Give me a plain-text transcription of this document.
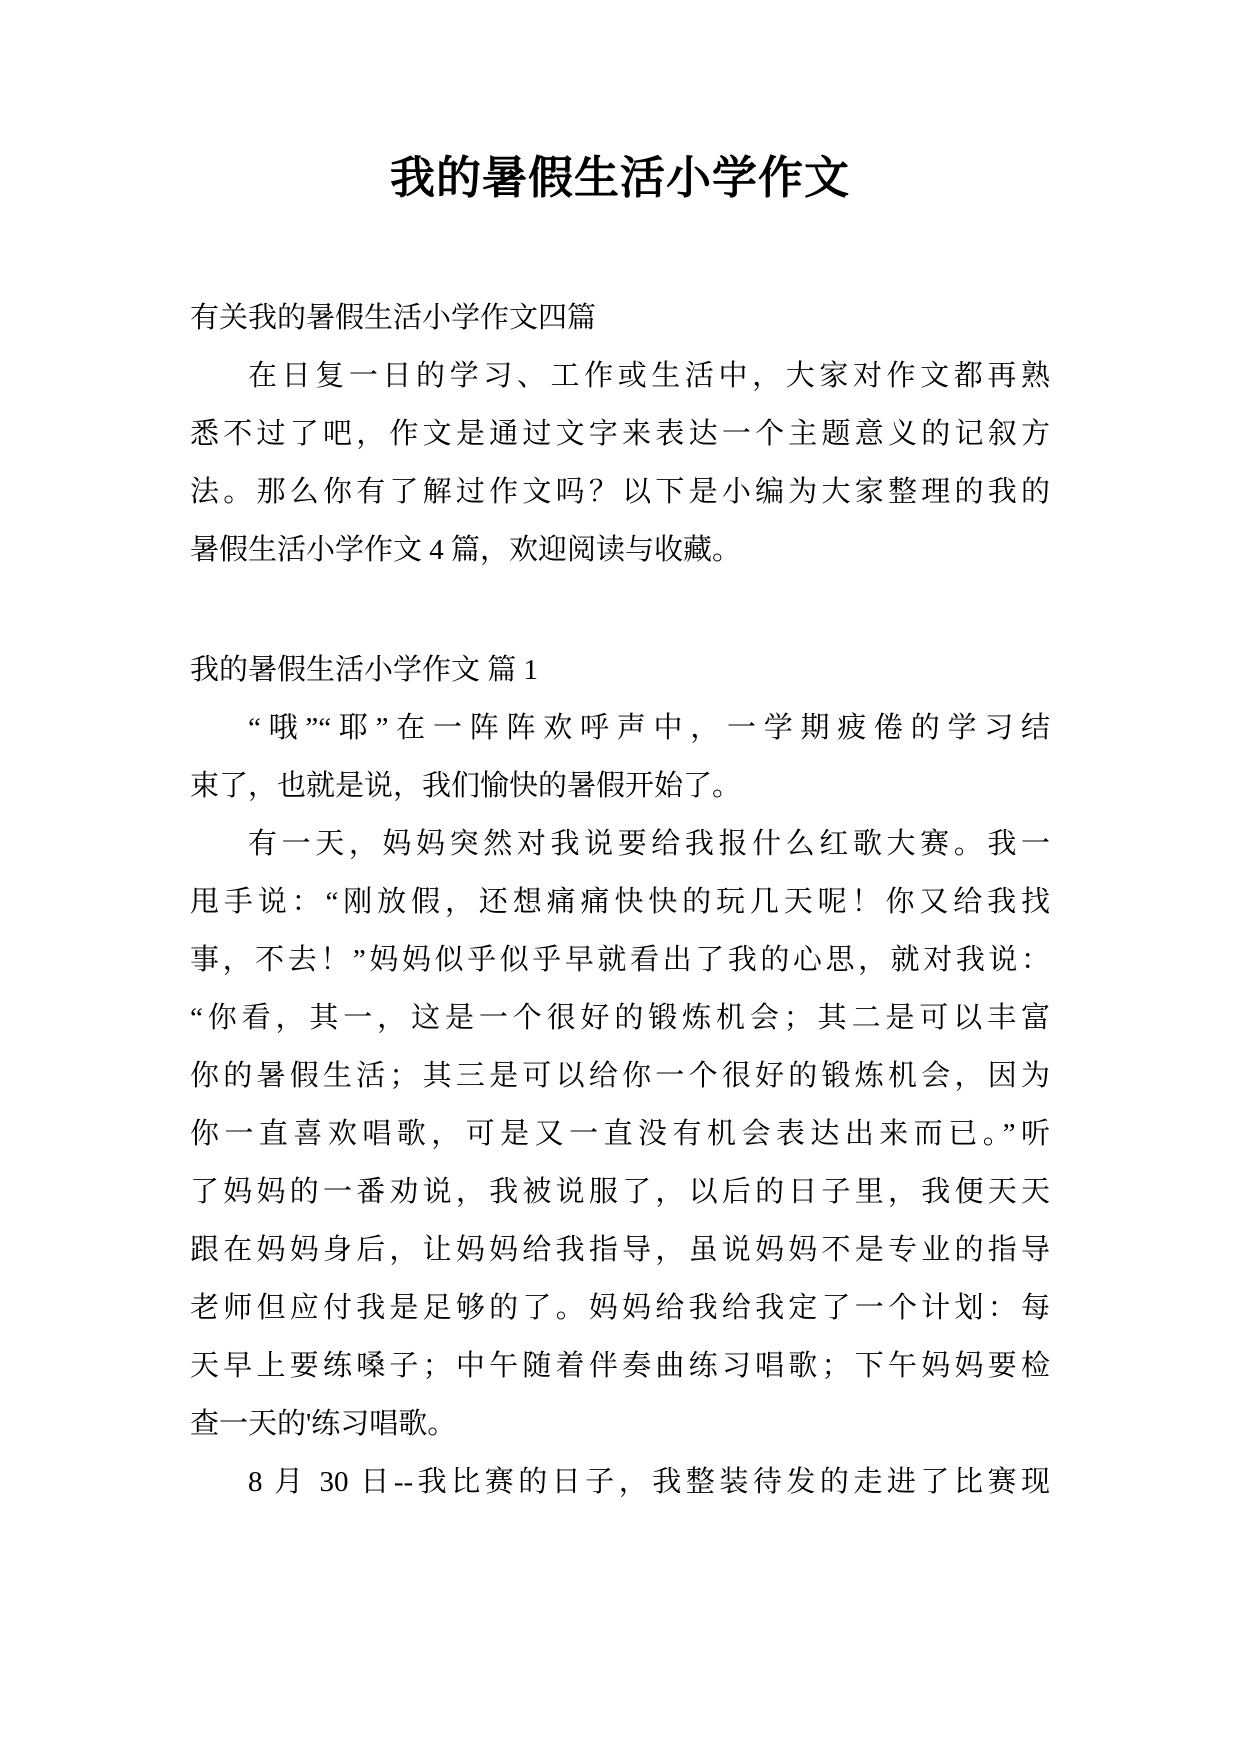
我的暑假生活小学作文
有关我的暑假生活小学作文四篇
在日复一日的学习、工作或生活中，大家对作文都再熟
悉不过了吧，作文是通过文字来表达一个主题意义的记叙方
法。那么你有了解过作文吗？以下是小编为大家整理的我的
暑假生活小学作文 4 篇，欢迎阅读与收藏。
我的暑假生活小学作文 篇 1
“哦”“耶”在一阵阵欢呼声中，一学期疲倦的学习结
束了，也就是说，我们愉快的暑假开始了。
有一天，妈妈突然对我说要给我报什么红歌大赛。我一
甩手说：“刚放假，还想痛痛快快的玩几天呢！你又给我找
事，不去！”妈妈似乎似乎早就看出了我的心思，就对我说：
“你看，其一，这是一个很好的锻炼机会；其二是可以丰富
你的暑假生活；其三是可以给你一个很好的锻炼机会，因为
你一直喜欢唱歌，可是又一直没有机会表达出来而已。”听
了妈妈的一番劝说，我被说服了，以后的日子里，我便天天
跟在妈妈身后，让妈妈给我指导，虽说妈妈不是专业的指导
老师但应付我是足够的了。妈妈给我给我定了一个计划：每
天早上要练嗓子；中午随着伴奏曲练习唱歌；下午妈妈要检
查一天的'练习唱歌。
8 月 30 日--我比赛的日子，我整装待发的走进了比赛现
